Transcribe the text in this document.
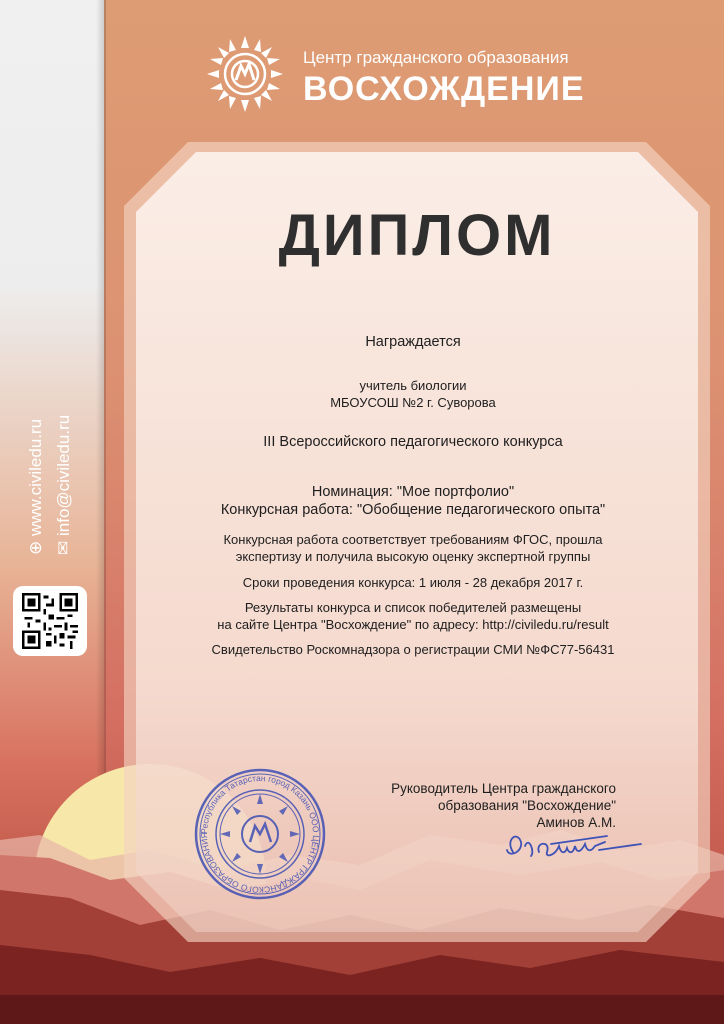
Центр гражданского образования
ВОСХОЖДЕНИЕ
ДИПЛОМ
Награждается
учитель биологии
МБОУСОШ №2 г. Суворова
III Всероссийского педагогического конкурса
Номинация: "Мое портфолио"
Конкурсная работа: "Обобщение педагогического опыта"
Конкурсная работа соответствует требованиям ФГОС, прошла
экспертизу и получила высокую оценку экспертной группы
Сроки проведения конкурса: 1 июля - 28 декабря 2017 г.
Результаты конкурса и список победителей размещены
на сайте Центра "Восхождение" по адресу: http://civiledu.ru/result
Свидетельство Роскомнадзора о регистрации СМИ №ФС77-56431
Руководитель Центра гражданского
образования "Восхождение"
Аминов А.М.
Республика Татарстан город Казань ООО ЦЕНТР ГРАЖДАНСКОГО ОБРАЗОВАНИЯ
⊕ www.civiledu.ru
✉ info@civiledu.ru
